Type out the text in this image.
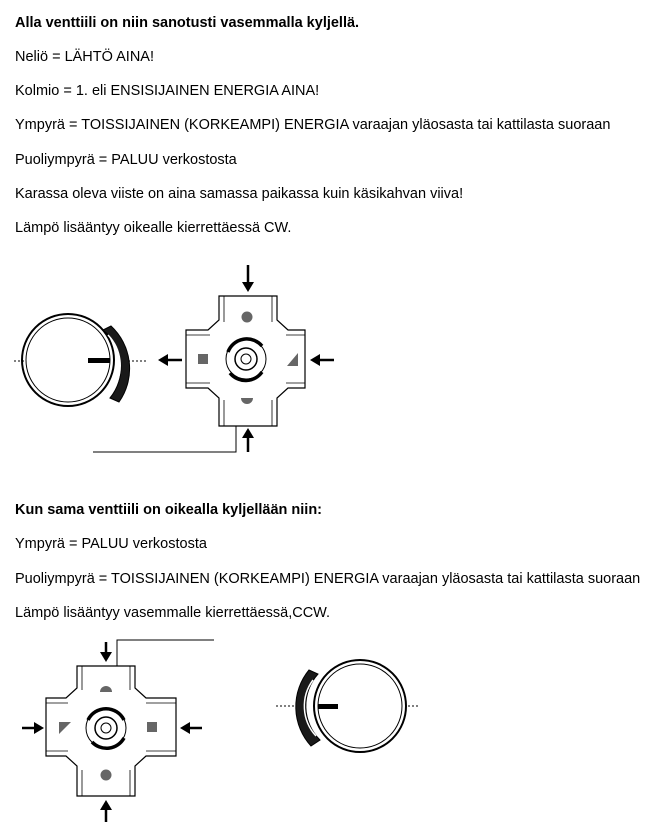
Alla venttiili on niin sanotusti vasemmalla kyljellä.
Neliö = LÄHTÖ AINA!
Kolmio = 1. eli ENSISIJAINEN ENERGIA AINA!
Ympyrä = TOISSIJAINEN (KORKEAMPI) ENERGIA varaajan yläosasta tai kattilasta suoraan
Puoliympyrä = PALUU verkostosta
Karassa oleva viiste on aina samassa paikassa kuin käsikahvan viiva!
Lämpö lisääntyy oikealle kierrettäessä CW.
Kun sama venttiili on oikealla kyljellään niin:
Ympyrä = PALUU verkostosta
Puoliympyrä = TOISSIJAINEN (KORKEAMPI) ENERGIA varaajan yläosasta tai kattilasta suoraan
Lämpö lisääntyy vasemmalle kierrettäessä,CCW.
